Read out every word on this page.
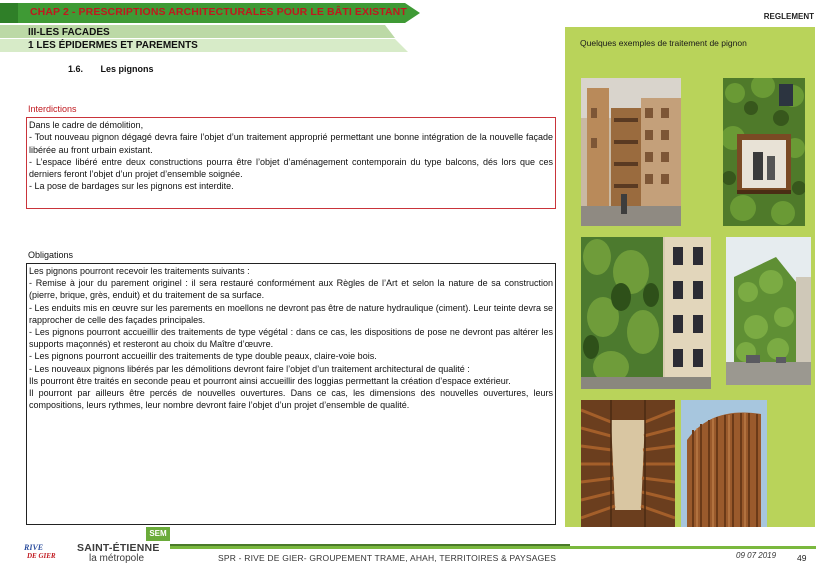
CHAP 2 - PRESCRIPTIONS ARCHITECTURALES POUR LE BÂTI EXISTANT
III-LES FACADES
1 LES ÉPIDERMES ET PAREMENTS
REGLEMENT
1.6. Les pignons
Interdictions

Dans le cadre de démolition,

- Tout nouveau pignon dégagé devra faire l’objet d’un traitement approprié permettant une bonne intégration de la nouvelle façade libérée au front urbain existant.

- L’espace libéré entre deux constructions pourra être l’objet d’aménagement contemporain du type balcons, dés lors que ces derniers feront l’objet d’un projet d’ensemble soignée.

- La pose de bardages sur les pignons est interdite.

Obligations

Les pignons pourront recevoir les traitements suivants :

- Remise à jour du parement originel : il sera restauré conformément aux Règles de l’Art et selon la nature de sa construction (pierre, brique, grès, enduit) et du traitement de sa surface.

- Les enduits mis en œuvre sur les parements en moellons ne devront pas être de nature hydraulique (ciment). Leur teinte devra se rapprocher de celle des façades principales.

- Les pignons pourront accueillir des traitements de type végétal : dans ce cas, les dispositions de pose ne devront pas altérer les supports maçonnés) et resteront au choix du Maître d’œuvre.

- Les pignons pourront accueillir des traitements de type double peaux, claire-voie bois.

- Les nouveaux pignons libérés par les démolitions devront faire l’objet d’un traitement architectural de qualité :

Ils pourront être traités en seconde peau et pourront ainsi accueillir des loggias permettant la création d’espace extérieur.

Il pourront par ailleurs être percés de nouvelles ouvertures. Dans ce cas, les dimensions des nouvelles ouvertures, leurs compositions, leurs rythmes, leur nombre devront faire l’objet d’un projet d’ensemble de qualité.

Quelques exemples de traitement de pignon
SEM
RIVE
DE GIER
SAINT-ÉTIENNE
la métropole	SPR - RIVE DE GIER- GROUPEMENT TRAME, AHAH, TERRITOIRES & PAYSAGES	09 07 2019 49
